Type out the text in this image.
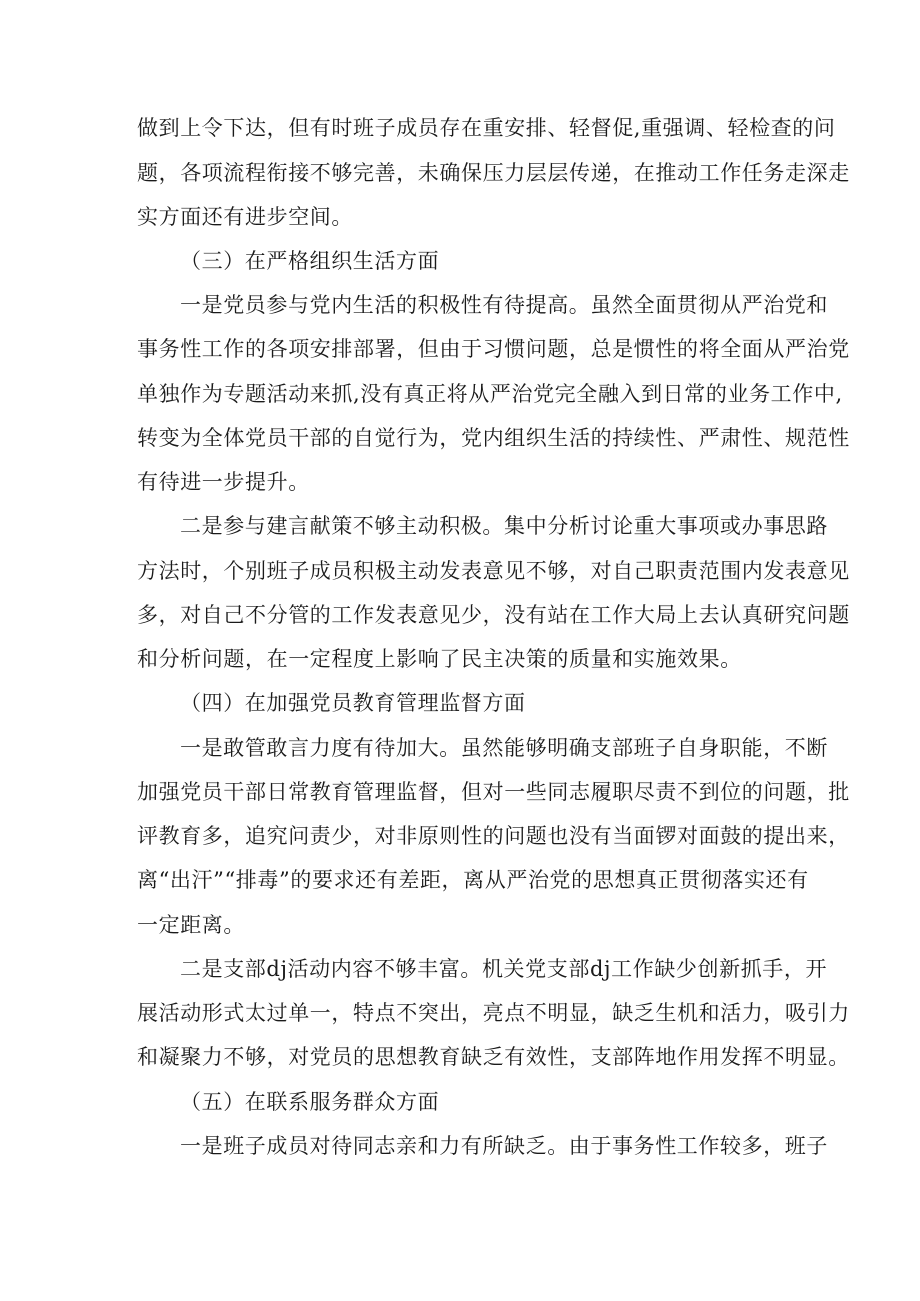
做到上令下达，但有时班子成员存在重安排、轻督促,重强调、轻检查的问
题，各项流程衔接不够完善，未确保压力层层传递，在推动工作任务走深走
实方面还有进步空间。
（三）在严格组织生活方面
一是党员参与党内生活的积极性有待提高。虽然全面贯彻从严治党和
事务性工作的各项安排部署，但由于习惯问题，总是惯性的将全面从严治党
单独作为专题活动来抓,没有真正将从严治党完全融入到日常的业务工作中,
转变为全体党员干部的自觉行为，党内组织生活的持续性、严肃性、规范性
有待进一步提升。
二是参与建言献策不够主动积极。集中分析讨论重大事项或办事思路
方法时，个别班子成员积极主动发表意见不够，对自己职责范围内发表意见
多，对自己不分管的工作发表意见少，没有站在工作大局上去认真研究问题
和分析问题，在一定程度上影响了民主决策的质量和实施效果。
（四）在加强党员教育管理监督方面
一是敢管敢言力度有待加大。虽然能够明确支部班子自身职能，不断
加强党员干部日常教育管理监督，但对一些同志履职尽责不到位的问题，批
评教育多，追究问责少，对非原则性的问题也没有当面锣对面鼓的提出来，
离“出汗”“排毒”的要求还有差距，离从严治党的思想真正贯彻落实还有
一定距离。
二是支部dj活动内容不够丰富。机关党支部dj工作缺少创新抓手，开
展活动形式太过单一，特点不突出，亮点不明显，缺乏生机和活力，吸引力
和凝聚力不够，对党员的思想教育缺乏有效性，支部阵地作用发挥不明显。
（五）在联系服务群众方面
一是班子成员对待同志亲和力有所缺乏。由于事务性工作较多，班子
